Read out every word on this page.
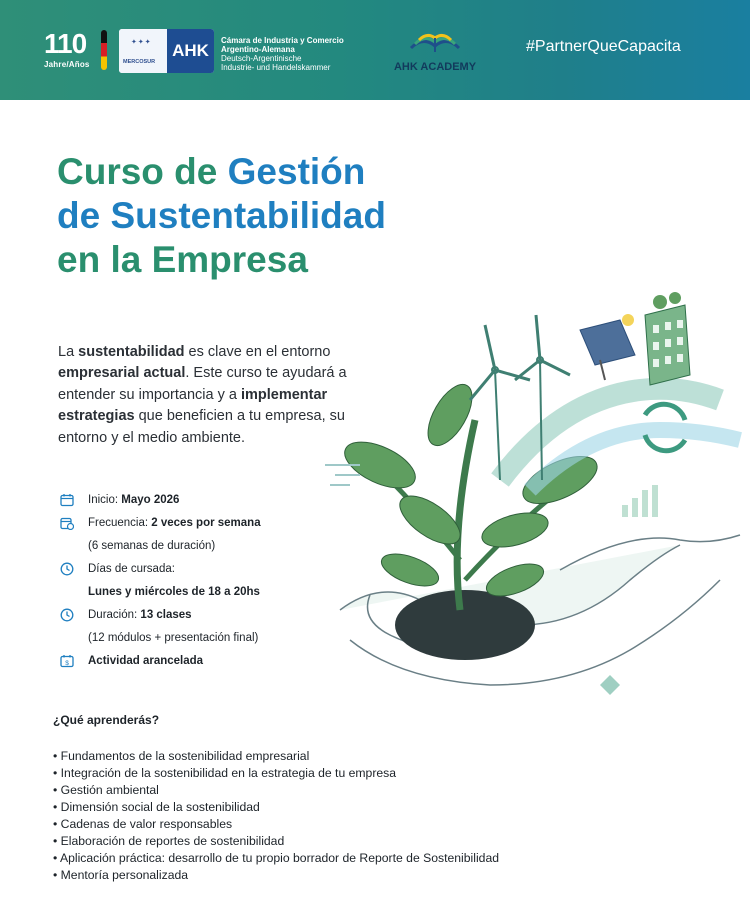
110
Jahre/Años
✦✦✦
MERCOSUR
AHK
Cámara de Industria y Comercio
Argentino-Alemana
Deutsch-Argentinische
Industrie- und Handelskammer	AHK ACADEMY
#PartnerQueCapacita
Curso de Gestión
de Sustentabilidad
en la Empresa
La sustentabilidad es clave en el entorno empresarial actual. Este curso te ayudará a entender su importancia y a implementar estrategias que beneficien a tu empresa, su entorno y el medio ambiente.
Inicio: Mayo 2026
Frecuencia: 2 veces por semana
(6 semanas de duración)
Días de cursada:
Lunes y miércoles de 18 a 20hs
Duración: 13 clases
(12 módulos + presentación final)
$ Actividad arancelada
¿Qué aprenderás?
• Fundamentos de la sostenibilidad empresarial
• Integración de la sostenibilidad en la estrategia de tu empresa
• Gestión ambiental
• Dimensión social de la sostenibilidad
• Cadenas de valor responsables
• Elaboración de reportes de sostenibilidad
• Aplicación práctica: desarrollo de tu propio borrador de Reporte de Sostenibilidad
• Mentoría personalizada
